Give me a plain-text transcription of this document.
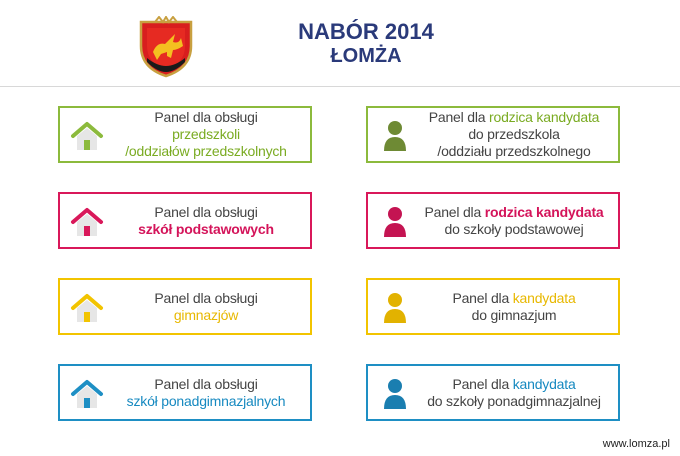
NABÓR 2014
ŁOMŻA
Panel dla obsługi
przedszkoli
/oddziałów przedszkolnych
Panel dla obsługi
szkół podstawowych
Panel dla obsługi
gimnazjów
Panel dla obsługi
szkół ponadgimnazjalnych
Panel dla rodzica kandydata
do przedszkola
/oddziału przedszkolnego
Panel dla rodzica kandydata
do szkoły podstawowej
Panel dla kandydata
do gimnazjum
Panel dla kandydata
do szkoły ponadgimnazjalnej
www.lomza.pl
